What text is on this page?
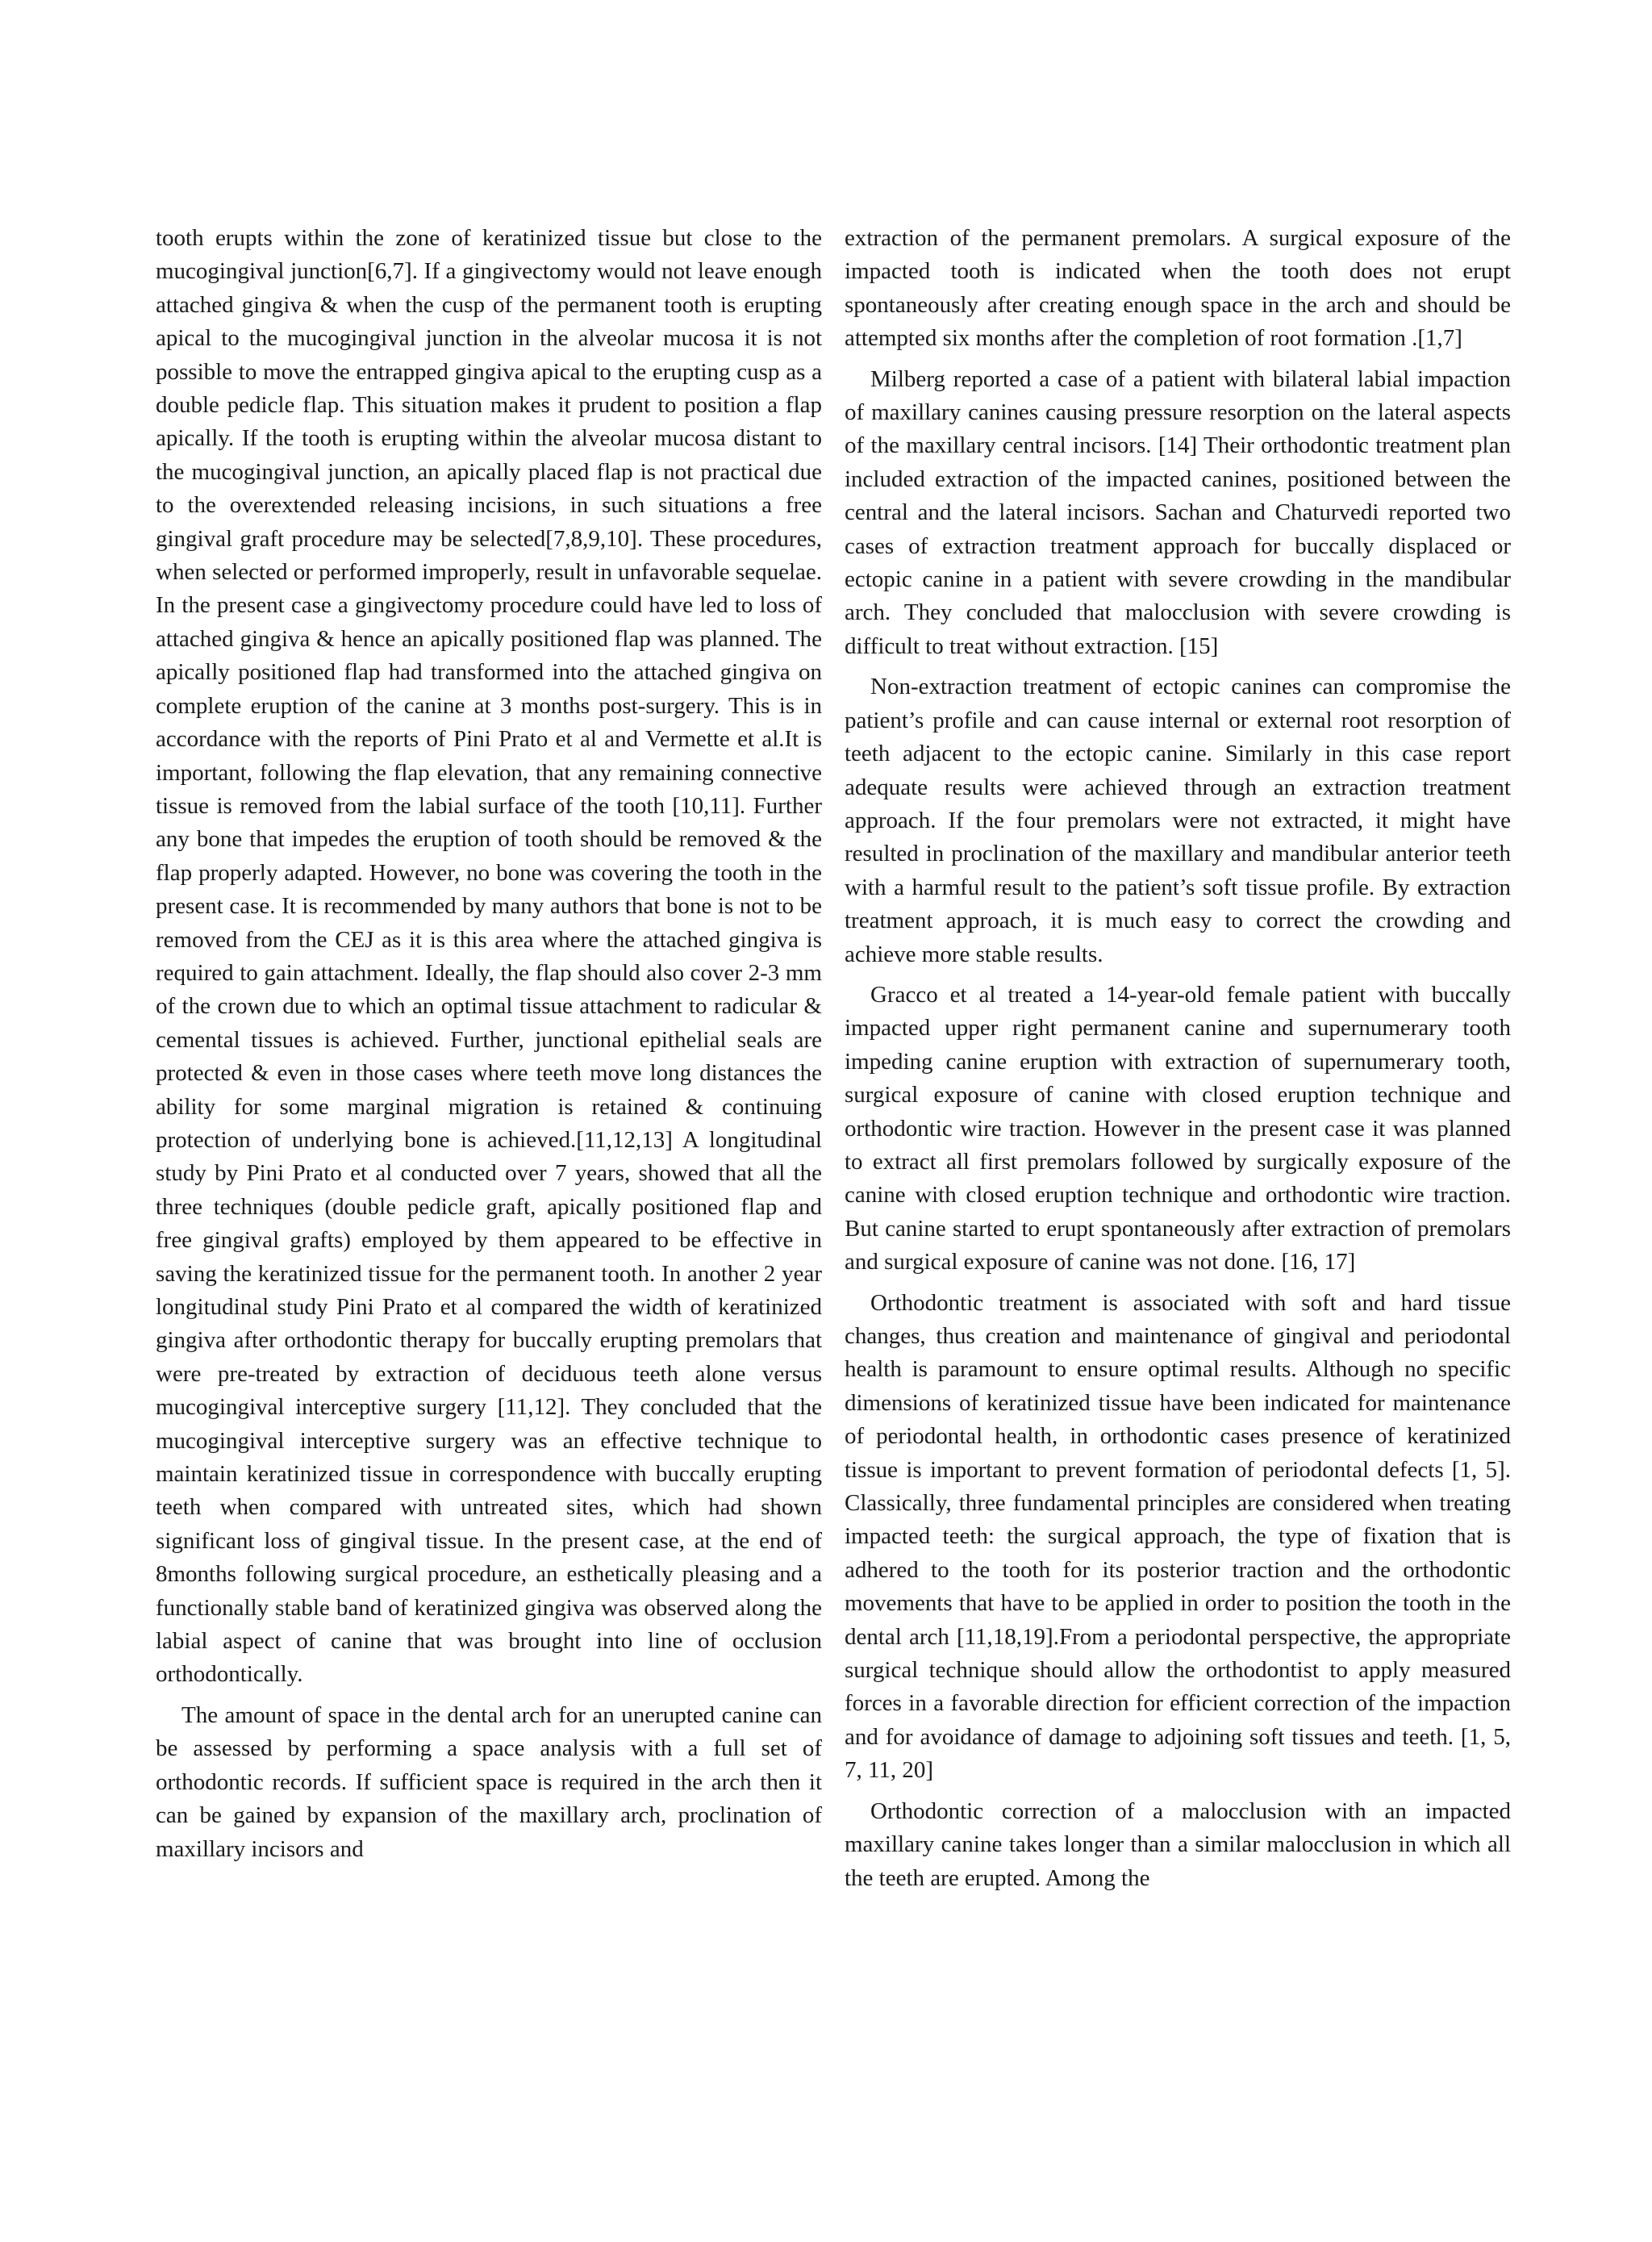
tooth erupts within the zone of keratinized tissue but close to the mucogingival junction[6,7]. If a gingivectomy would not leave enough attached gingiva & when the cusp of the permanent tooth is erupting apical to the mucogingival junction in the alveolar mucosa it is not possible to move the entrapped gingiva apical to the erupting cusp as a double pedicle flap. This situation makes it prudent to position a flap apically. If the tooth is erupting within the alveolar mucosa distant to the mucogingival junction, an apically placed flap is not practical due to the overextended releasing incisions, in such situations a free gingival graft procedure may be selected[7,8,9,10]. These procedures, when selected or performed improperly, result in unfavorable sequelae. In the present case a gingivectomy procedure could have led to loss of attached gingiva & hence an apically positioned flap was planned. The apically positioned flap had transformed into the attached gingiva on complete eruption of the canine at 3 months post-surgery. This is in accordance with the reports of Pini Prato et al and Vermette et al.It is important, following the flap elevation, that any remaining connective tissue is removed from the labial surface of the tooth [10,11]. Further any bone that impedes the eruption of tooth should be removed & the flap properly adapted. However, no bone was covering the tooth in the present case. It is recommended by many authors that bone is not to be removed from the CEJ as it is this area where the attached gingiva is required to gain attachment. Ideally, the flap should also cover 2-3 mm of the crown due to which an optimal tissue attachment to radicular & cemental tissues is achieved. Further, junctional epithelial seals are protected & even in those cases where teeth move long distances the ability for some marginal migration is retained & continuing protection of underlying bone is achieved.[11,12,13] A longitudinal study by Pini Prato et al conducted over 7 years, showed that all the three techniques (double pedicle graft, apically positioned flap and free gingival grafts) employed by them appeared to be effective in saving the keratinized tissue for the permanent tooth. In another 2 year longitudinal study Pini Prato et al compared the width of keratinized gingiva after orthodontic therapy for buccally erupting premolars that were pre-treated by extraction of deciduous teeth alone versus mucogingival interceptive surgery [11,12]. They concluded that the mucogingival interceptive surgery was an effective technique to maintain keratinized tissue in correspondence with buccally erupting teeth when compared with untreated sites, which had shown significant loss of gingival tissue. In the present case, at the end of 8months following surgical procedure, an esthetically pleasing and a functionally stable band of keratinized gingiva was observed along the labial aspect of canine that was brought into line of occlusion orthodontically.

The amount of space in the dental arch for an unerupted canine can be assessed by performing a space analysis with a full set of orthodontic records. If sufficient space is required in the arch then it can be gained by expansion of the maxillary arch, proclination of maxillary incisors and

extraction of the permanent premolars. A surgical exposure of the impacted tooth is indicated when the tooth does not erupt spontaneously after creating enough space in the arch and should be attempted six months after the completion of root formation .[1,7]

Milberg reported a case of a patient with bilateral labial impaction of maxillary canines causing pressure resorption on the lateral aspects of the maxillary central incisors. [14] Their orthodontic treatment plan included extraction of the impacted canines, positioned between the central and the lateral incisors. Sachan and Chaturvedi reported two cases of extraction treatment approach for buccally displaced or ectopic canine in a patient with severe crowding in the mandibular arch. They concluded that malocclusion with severe crowding is difficult to treat without extraction. [15]

Non-extraction treatment of ectopic canines can compromise the patient’s profile and can cause internal or external root resorption of teeth adjacent to the ectopic canine. Similarly in this case report adequate results were achieved through an extraction treatment approach. If the four premolars were not extracted, it might have resulted in proclination of the maxillary and mandibular anterior teeth with a harmful result to the patient’s soft tissue profile. By extraction treatment approach, it is much easy to correct the crowding and achieve more stable results.

Gracco et al treated a 14-year-old female patient with buccally impacted upper right permanent canine and supernumerary tooth impeding canine eruption with extraction of supernumerary tooth, surgical exposure of canine with closed eruption technique and orthodontic wire traction. However in the present case it was planned to extract all first premolars followed by surgically exposure of the canine with closed eruption technique and orthodontic wire traction. But canine started to erupt spontaneously after extraction of premolars and surgical exposure of canine was not done. [16, 17]

Orthodontic treatment is associated with soft and hard tissue changes, thus creation and maintenance of gingival and periodontal health is paramount to ensure optimal results. Although no specific dimensions of keratinized tissue have been indicated for maintenance of periodontal health, in orthodontic cases presence of keratinized tissue is important to prevent formation of periodontal defects [1, 5]. Classically, three fundamental principles are considered when treating impacted teeth: the surgical approach, the type of fixation that is adhered to the tooth for its posterior traction and the orthodontic movements that have to be applied in order to position the tooth in the dental arch [11,18,19].From a periodontal perspective, the appropriate surgical technique should allow the orthodontist to apply measured forces in a favorable direction for efficient correction of the impaction and for avoidance of damage to adjoining soft tissues and teeth. [1, 5, 7, 11, 20]

Orthodontic correction of a malocclusion with an impacted maxillary canine takes longer than a similar malocclusion in which all the teeth are erupted. Among the
